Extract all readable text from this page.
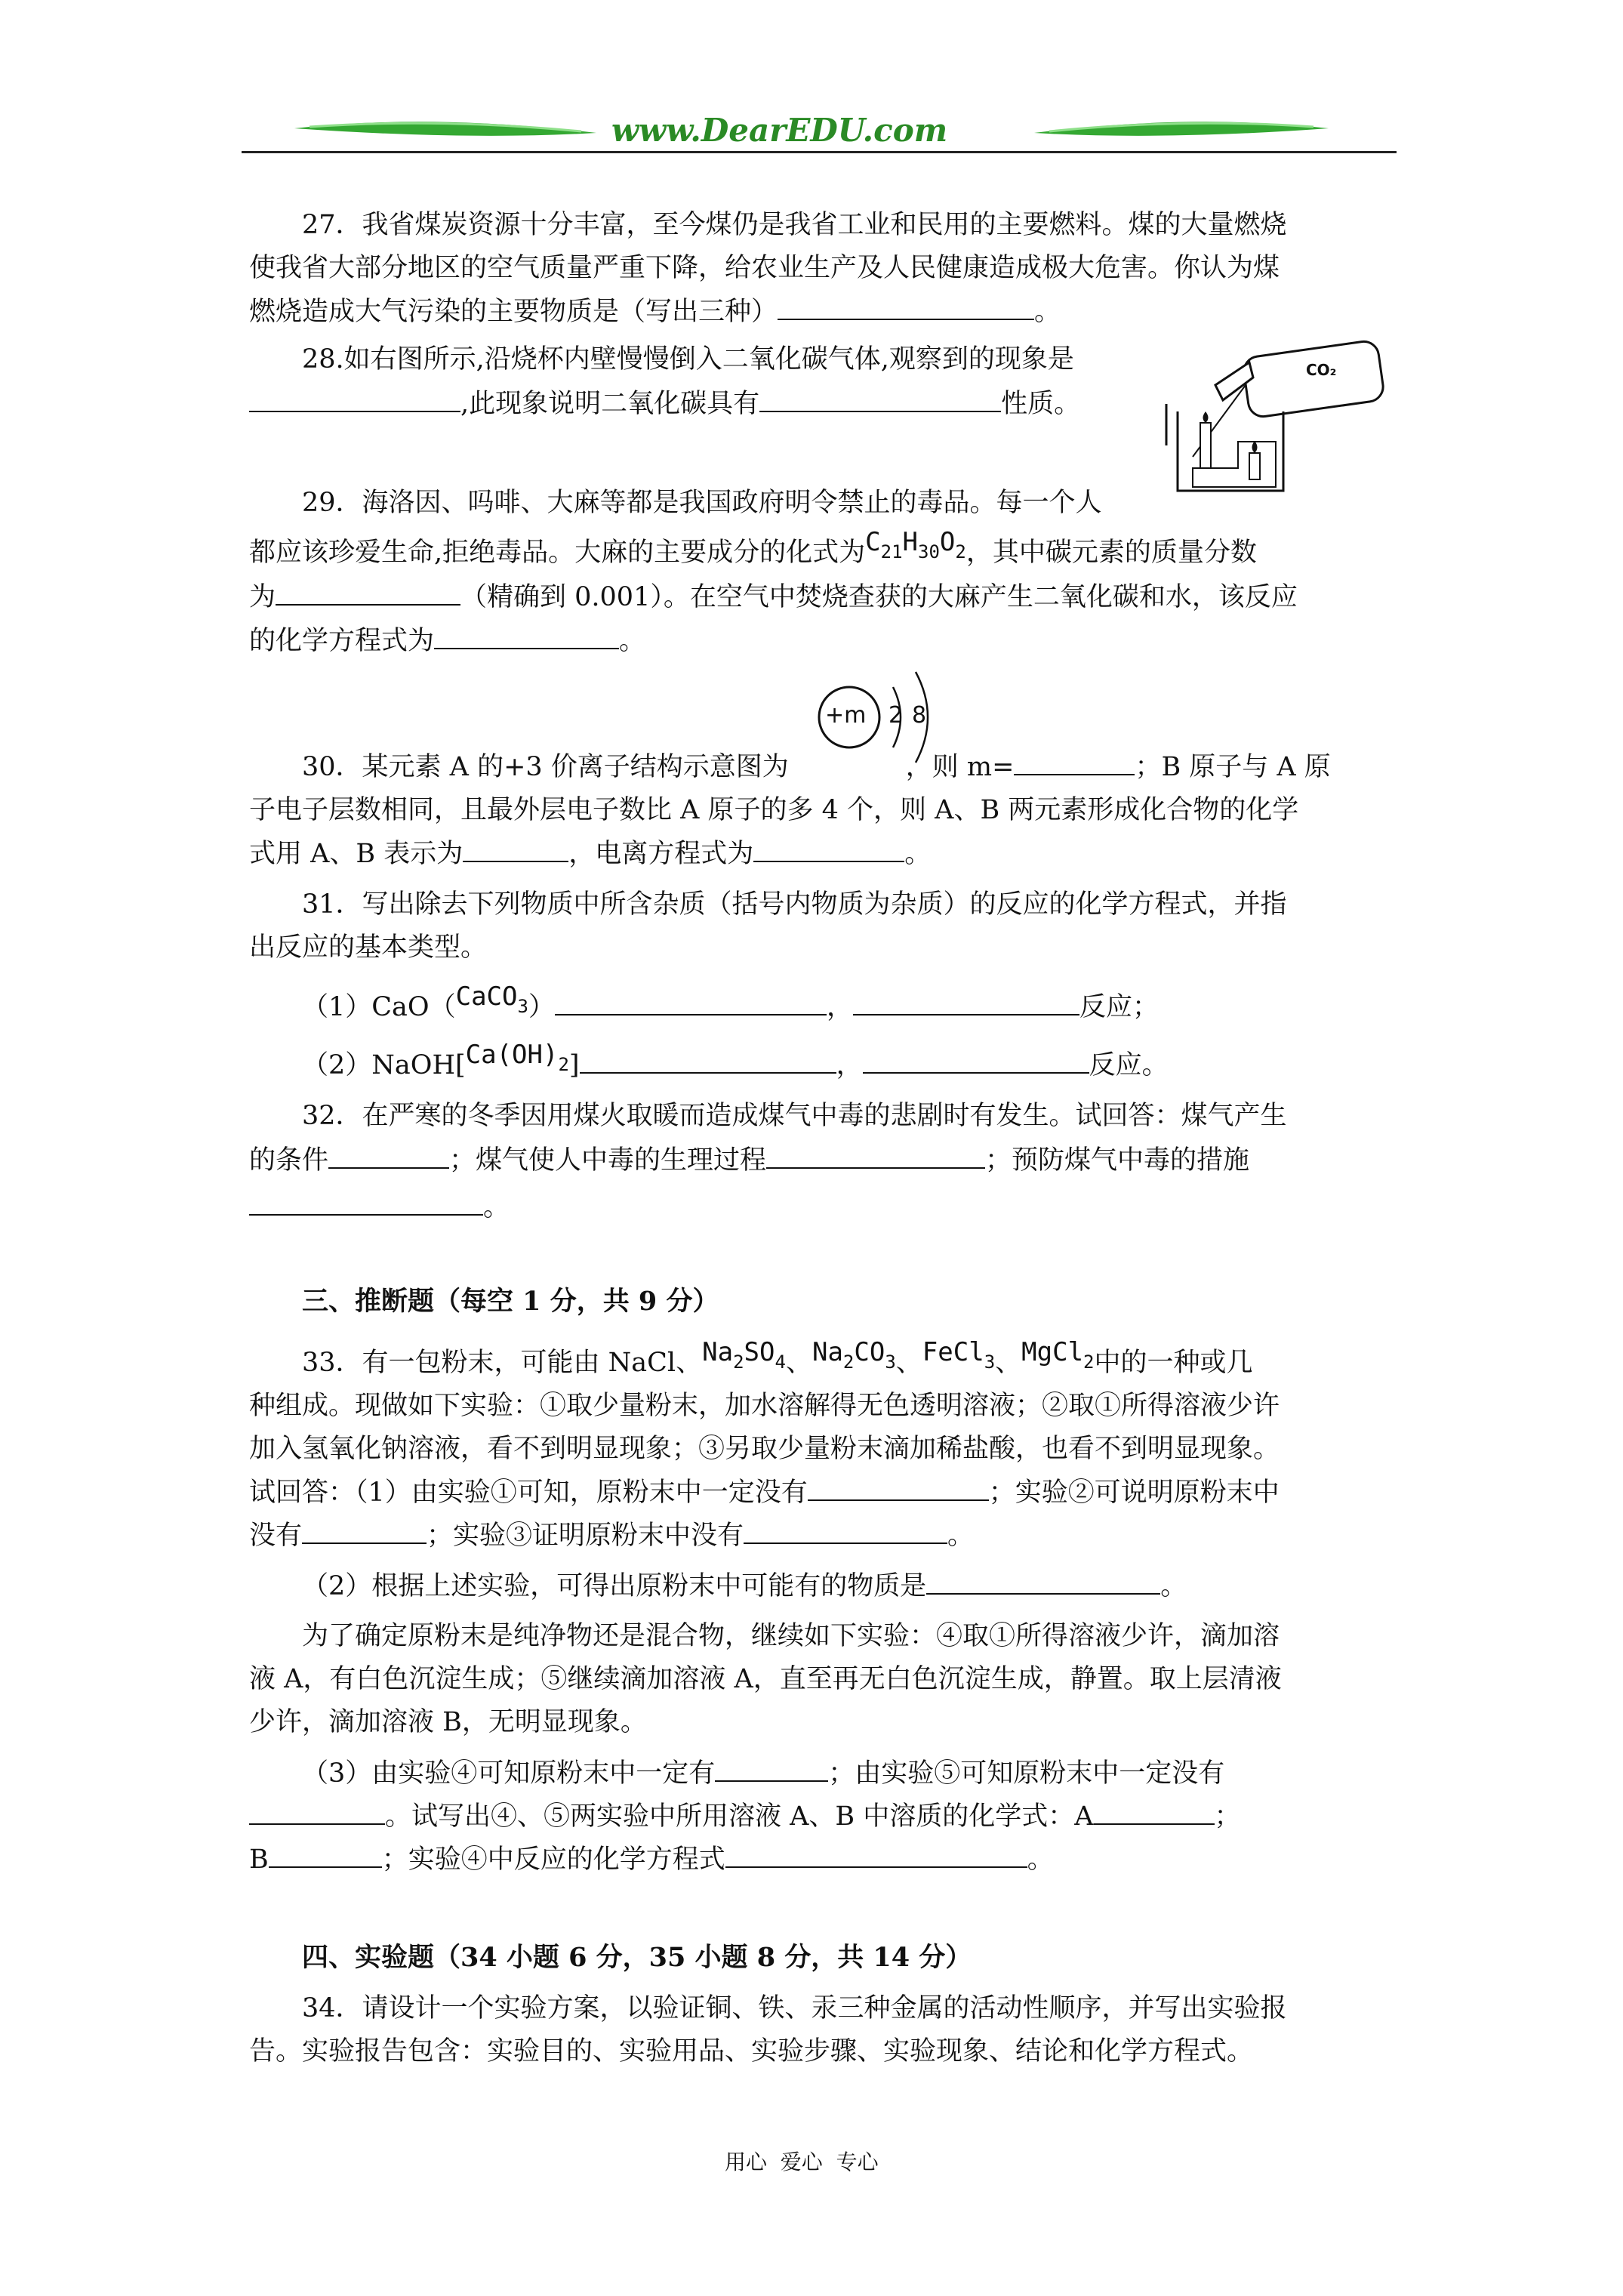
www.DearEDU.com
27．我省煤炭资源十分丰富，至今煤仍是我省工业和民用的主要燃料。煤的大量燃烧
使我省大部分地区的空气质量严重下降，给农业生产及人民健康造成极大危害。你认为煤
燃烧造成大气污染的主要物质是（写出三种）	。
28.如右图所示,沿烧杯内壁慢慢倒入二氧化碳气体,观察到的现象是
,此现象说明二氧化碳具有	性质。
CO₂
29．海洛因、吗啡、大麻等都是我国政府明令禁止的毒品。每一个人
都应该珍爱生命,拒绝毒品。大麻的主要成分的化式为$C_{21}H_{30}O_2$，其中碳元素的质量分数
为	（精确到 0.001）。在空气中焚烧查获的大麻产生二氧化碳和水，该反应
的化学方程式为	。
+m 2 8
30．某元素 A 的+3 价离子结构示意图为	，则 m=	；B 原子与 A 原
子电子层数相同，且最外层电子数比 A 原子的多 4 个，则 A、B 两元素形成化合物的化学
式用 A、B 表示为	，电离方程式为	。
31．写出除去下列物质中所含杂质（括号内物质为杂质）的反应的化学方程式，并指
出反应的基本类型。
（1）CaO（CaCO$_3$）	，	反应；
$(2)NaOH[Ca(OH)_2]$	，	反应。
32．在严寒的冬季因用煤火取暖而造成煤气中毒的悲剧时有发生。试回答：煤气产生
的条件	；煤气使人中毒的生理过程	；预防煤气中毒的措施
。
三、推断题（每空 1 分，共 9 分）
33．有一包粉末，可能由 NaCl、$Na_2SO_4$、$Na_2CO_3$、FeCl$_3$、MgCl$_2$中的一种或几
种组成。现做如下实验：①取少量粉末，加水溶解得无色透明溶液；②取①所得溶液少许
加入氢氧化钠溶液，看不到明显现象；③另取少量粉末滴加稀盐酸，也看不到明显现象。
试回答：（1）由实验①可知，原粉末中一定没有	；实验②可说明原粉末中
没有	；实验③证明原粉末中没有	。
（2）根据上述实验，可得出原粉末中可能有的物质是	。
为了确定原粉末是纯净物还是混合物，继续如下实验：④取①所得溶液少许，滴加溶
液 A，有白色沉淀生成；⑤继续滴加溶液 A，直至再无白色沉淀生成，静置。取上层清液
少许，滴加溶液 B，无明显现象。
（3）由实验④可知原粉末中一定有	；由实验⑤可知原粉末中一定没有
。试写出④、⑤两实验中所用溶液 A、B 中溶质的化学式：A	；
B	；实验④中反应的化学方程式	。
四、实验题（34 小题 6 分，35 小题 8 分，共 14 分）
34．请设计一个实验方案，以验证铜、铁、汞三种金属的活动性顺序，并写出实验报
告。实验报告包含：实验目的、实验用品、实验步骤、实验现象、结论和化学方程式。
用心  爱心  专心
